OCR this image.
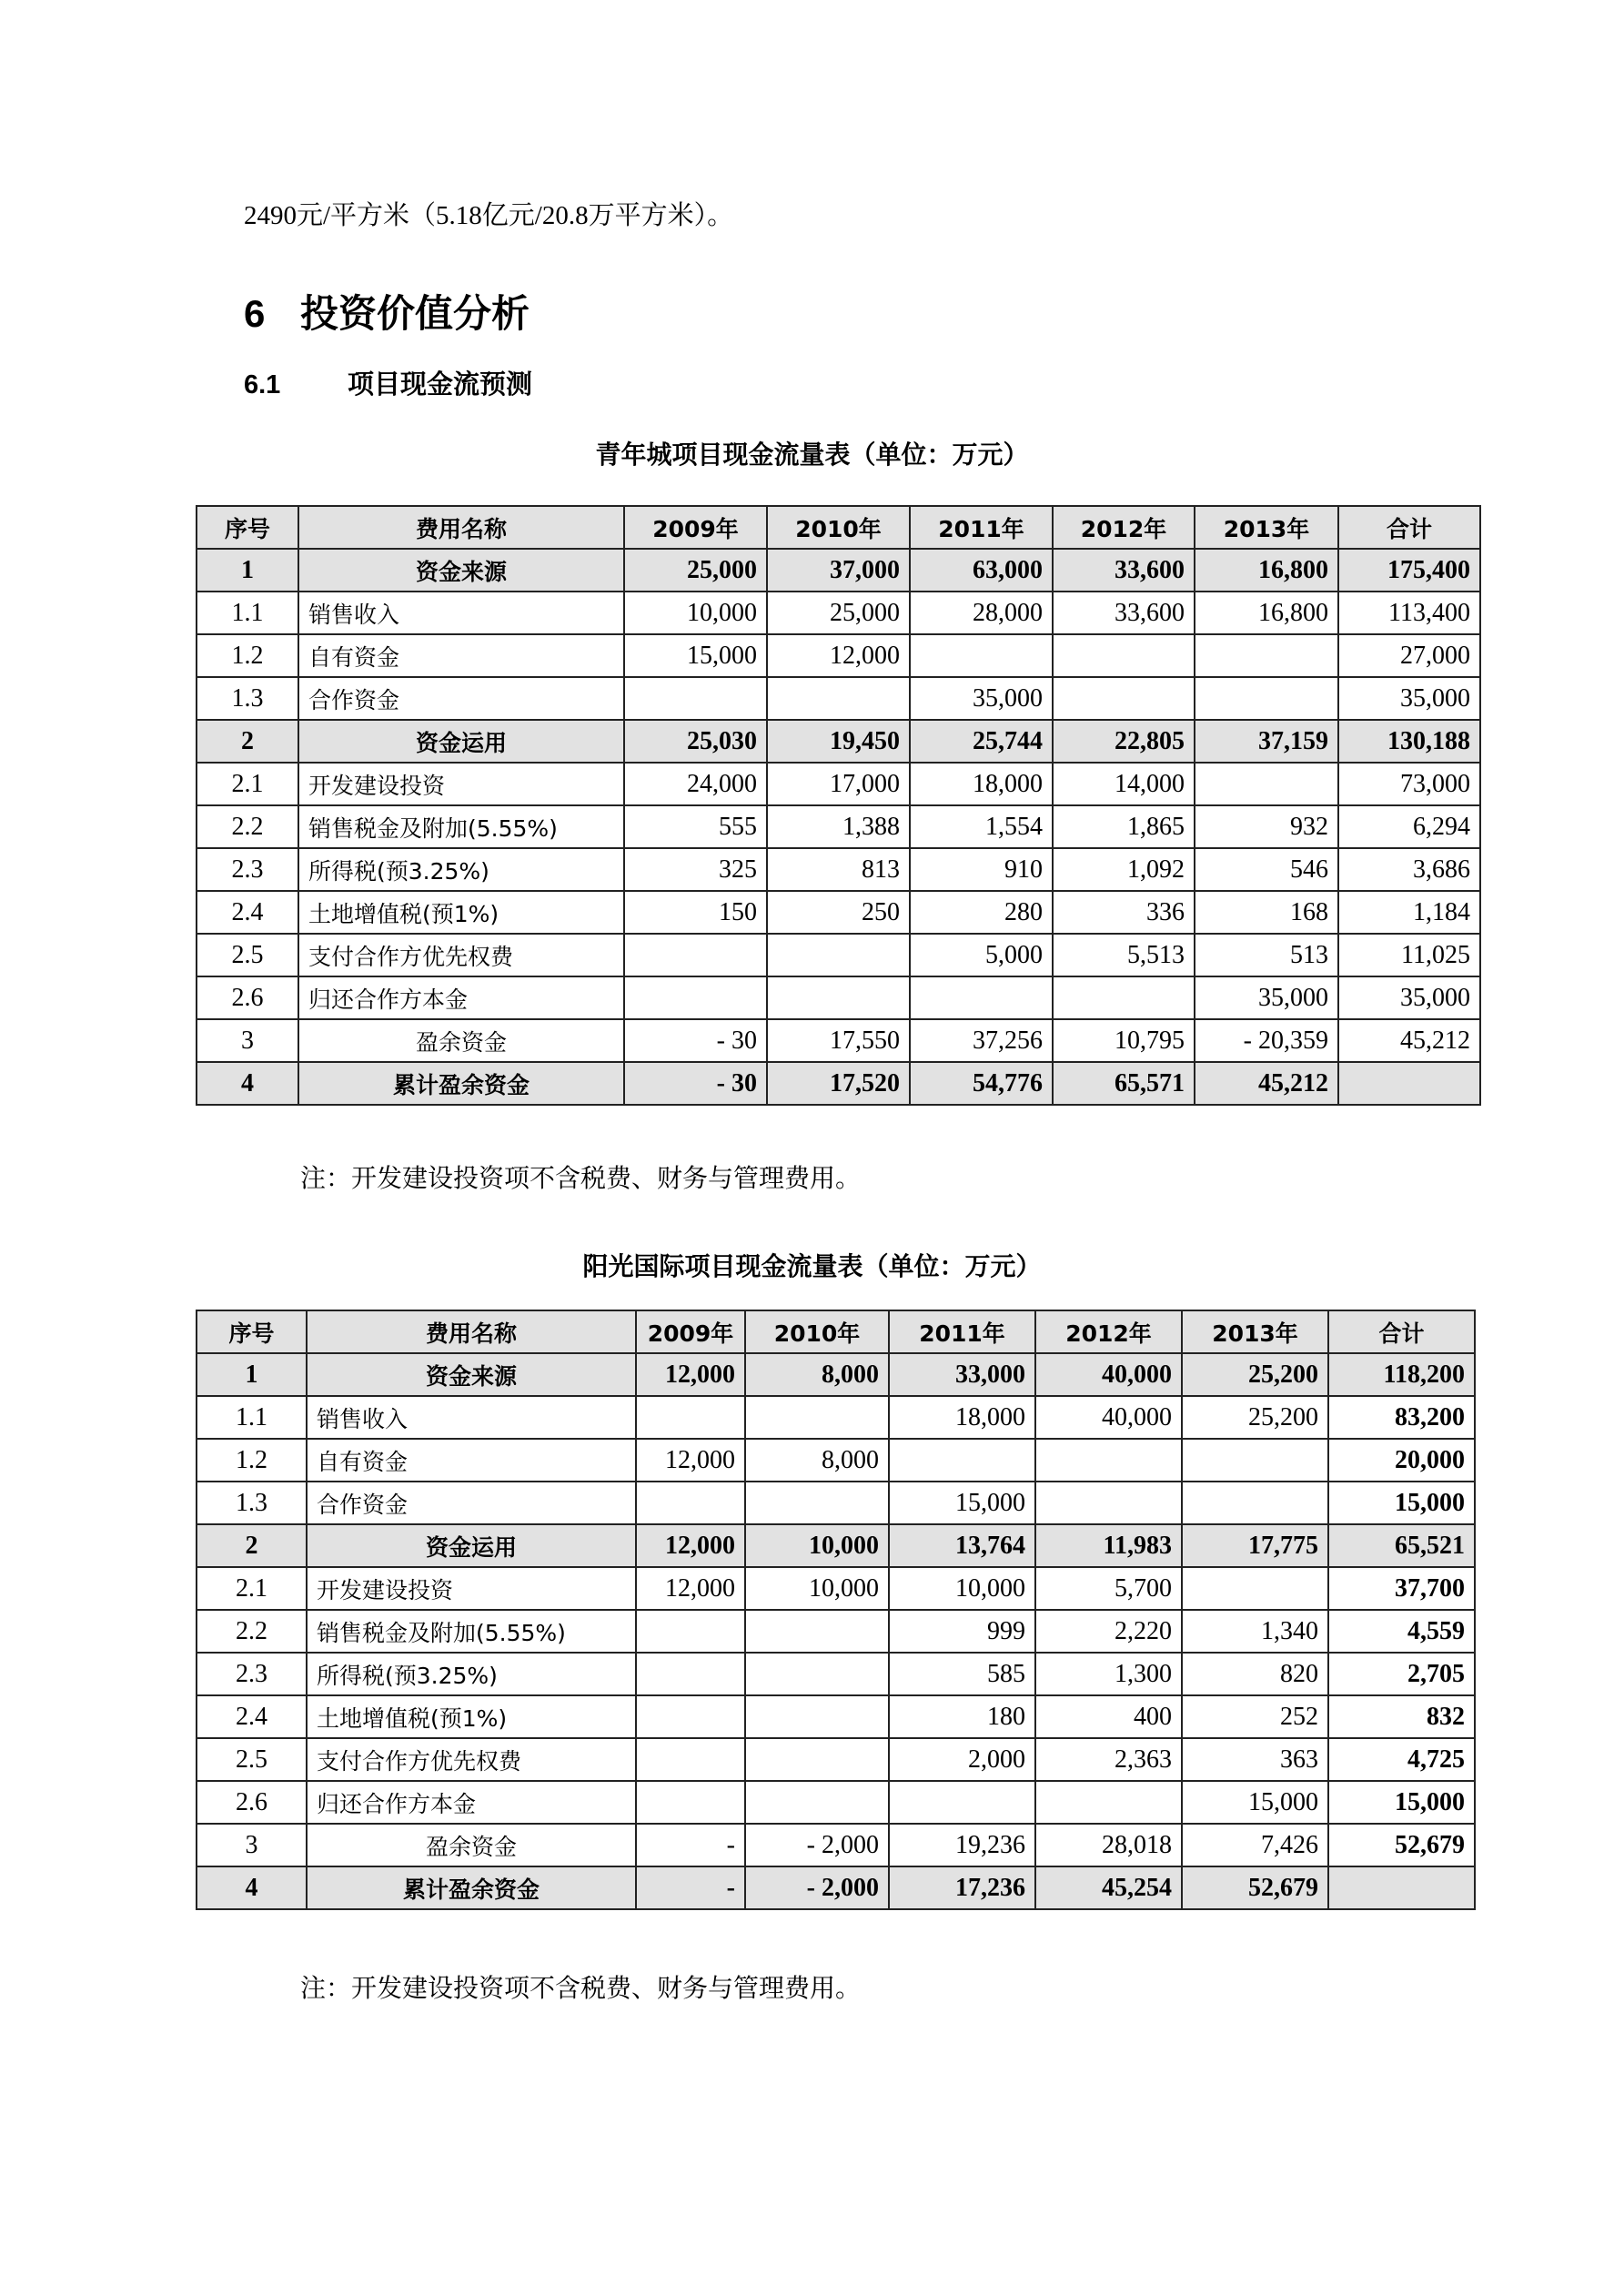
2490元/平方米（5.18亿元/20.8万平方米）。
6 投资价值分析
6.1	项目现金流预测
青年城项目现金流量表（单位：万元）
序号	费用名称	2009年	2010年	2011年	2012年	2013年	合计
1	资金来源	25,000	37,000	63,000	33,600	16,800	175,400
1.1	销售收入	10,000	25,000	28,000	33,600	16,800	113,400
1.2	自有资金	15,000	12,000				27,000
1.3	合作资金			35,000			35,000
2	资金运用	25,030	19,450	25,744	22,805	37,159	130,188
2.1	开发建设投资	24,000	17,000	18,000	14,000		73,000
2.2	销售税金及附加(5.55%)	555	1,388	1,554	1,865	932	6,294
2.3	所得税(预3.25%)	325	813	910	1,092	546	3,686
2.4	土地增值税(预1%)	150	250	280	336	168	1,184
2.5	支付合作方优先权费			5,000	5,513	513	11,025
2.6	归还合作方本金					35,000	35,000
3	盈余资金	- 30	17,550	37,256	10,795	- 20,359	45,212
4	累计盈余资金	- 30	17,520	54,776	65,571	45,212	
注：开发建设投资项不含税费、财务与管理费用。
阳光国际项目现金流量表（单位：万元）
序号	费用名称	2009年	2010年	2011年	2012年	2013年	合计
1	资金来源	12,000	8,000	33,000	40,000	25,200	118,200
1.1	销售收入			18,000	40,000	25,200	83,200
1.2	自有资金	12,000	8,000				20,000
1.3	合作资金			15,000			15,000
2	资金运用	12,000	10,000	13,764	11,983	17,775	65,521
2.1	开发建设投资	12,000	10,000	10,000	5,700		37,700
2.2	销售税金及附加(5.55%)			999	2,220	1,340	4,559
2.3	所得税(预3.25%)			585	1,300	820	2,705
2.4	土地增值税(预1%)			180	400	252	832
2.5	支付合作方优先权费			2,000	2,363	363	4,725
2.6	归还合作方本金					15,000	15,000
3	盈余资金	-	- 2,000	19,236	28,018	7,426	52,679
4	累计盈余资金	-	- 2,000	17,236	45,254	52,679	
注：开发建设投资项不含税费、财务与管理费用。
